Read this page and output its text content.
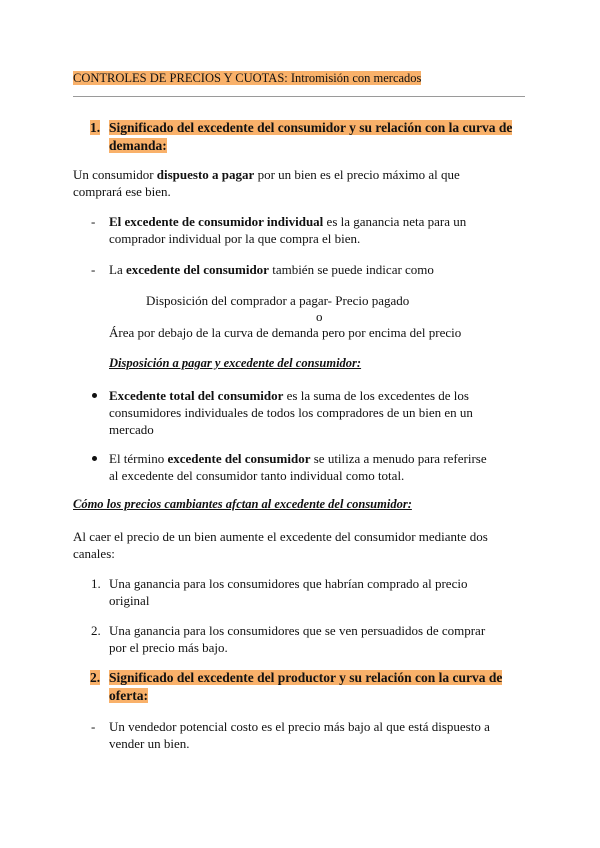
CONTROLES DE PRECIOS Y CUOTAS: Intromisión con mercados
1. Significado del excedente del consumidor y su relación con la curva de
demanda:
Un consumidor dispuesto a pagar por un bien es el precio máximo al que
comprará ese bien.
- El excedente de consumidor individual es la ganancia neta para un
comprador individual por la que compra el bien.
- La excedente del consumidor también se puede indicar como
Disposición del comprador a pagar- Precio pagado
o
Área por debajo de la curva de demanda pero por encima del precio
Disposición a pagar y excedente del consumidor:
Excedente total del consumidor es la suma de los excedentes de los
consumidores individuales de todos los compradores de un bien en un
mercado
El término excedente del consumidor se utiliza a menudo para referirse
al excedente del consumidor tanto individual como total.
Cómo los precios cambiantes afctan al excedente del consumidor:
Al caer el precio de un bien aumente el excedente del consumidor mediante dos
canales:
1. Una ganancia para los consumidores que habrían comprado al precio
original
2. Una ganancia para los consumidores que se ven persuadidos de comprar
por el precio más bajo.
2. Significado del excedente del productor y su relación con la curva de
oferta:
- Un vendedor potencial costo es el precio más bajo al que está dispuesto a
vender un bien.
